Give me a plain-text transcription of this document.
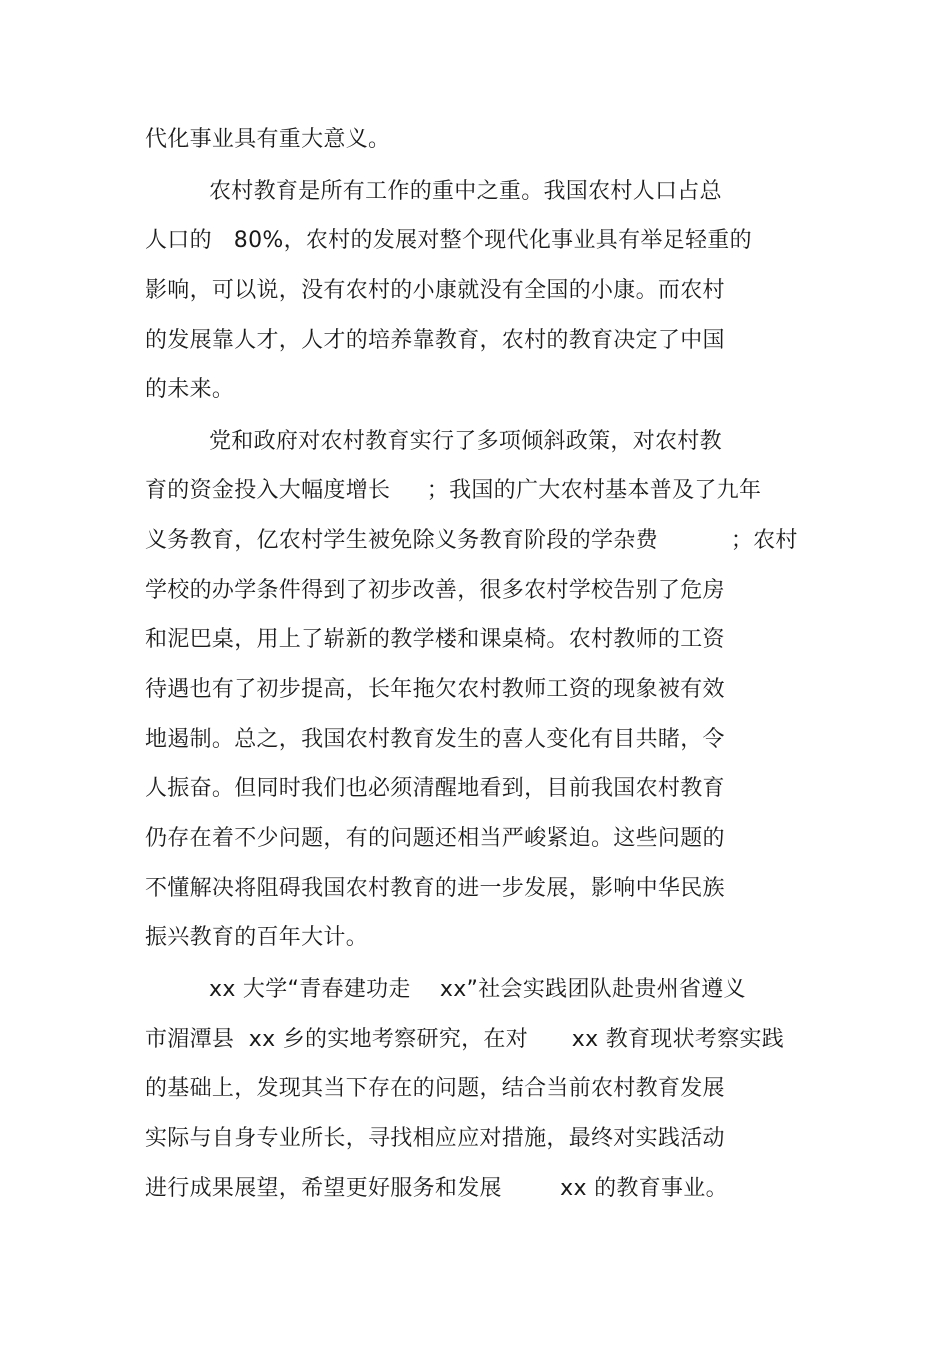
代化事业具有重大意义。
农村教育是所有工作的重中之重。我国农村人口占总
人口的   80%，农村的发展对整个现代化事业具有举足轻重的
影响，可以说，没有农村的小康就没有全国的小康。而农村
的发展靠人才，人才的培养靠教育，农村的教育决定了中国
的未来。
党和政府对农村教育实行了多项倾斜政策，对农村教
育的资金投入大幅度增长     ；我国的广大农村基本普及了九年
义务教育，亿农村学生被免除义务教育阶段的学杂费          ；农村
学校的办学条件得到了初步改善，很多农村学校告别了危房
和泥巴桌，用上了崭新的教学楼和课桌椅。农村教师的工资
待遇也有了初步提高，长年拖欠农村教师工资的现象被有效
地遏制。总之，我国农村教育发生的喜人变化有目共睹，令
人振奋。但同时我们也必须清醒地看到，目前我国农村教育
仍存在着不少问题，有的问题还相当严峻紧迫。这些问题的
不懂解决将阻碍我国农村教育的进一步发展，影响中华民族
振兴教育的百年大计。
xx 大学“青春建功走    xx”社会实践团队赴贵州省遵义
市湄潭县  xx 乡的实地考察研究，在对      xx 教育现状考察实践
的基础上，发现其当下存在的问题，结合当前农村教育发展
实际与自身专业所长，寻找相应应对措施，最终对实践活动
进行成果展望，希望更好服务和发展        xx 的教育事业。
